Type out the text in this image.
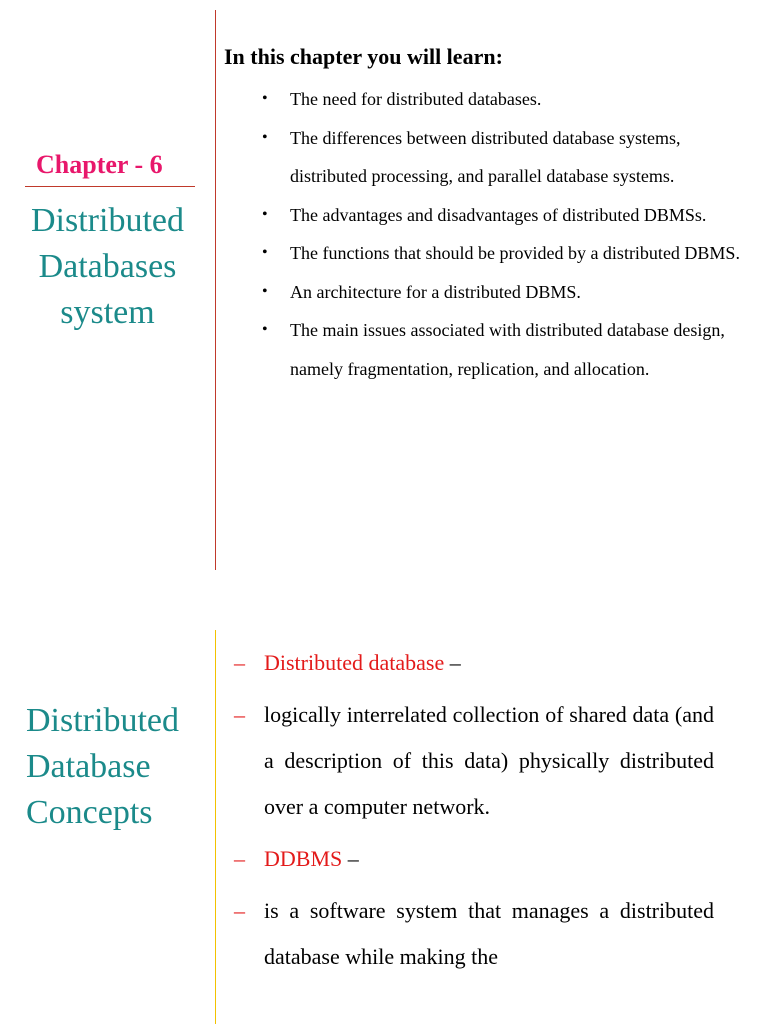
Chapter - 6
Distributed
Databases
system
In this chapter you will learn:
• The need for distributed databases.
• The differences between distributed database systems, distributed processing, and parallel database systems.
• The advantages and disadvantages of distributed DBMSs.
• The functions that should be provided by a distributed DBMS.
• An architecture for a distributed DBMS.
• The main issues associated with distributed database design, namely fragmentation, replication, and allocation.
Distributed
Database
Concepts
– Distributed database –
– logically interrelated collection of shared data (and a description of this data) physically distributed over a computer network.
– DDBMS –
– is a software system that manages a distributed database while making the
